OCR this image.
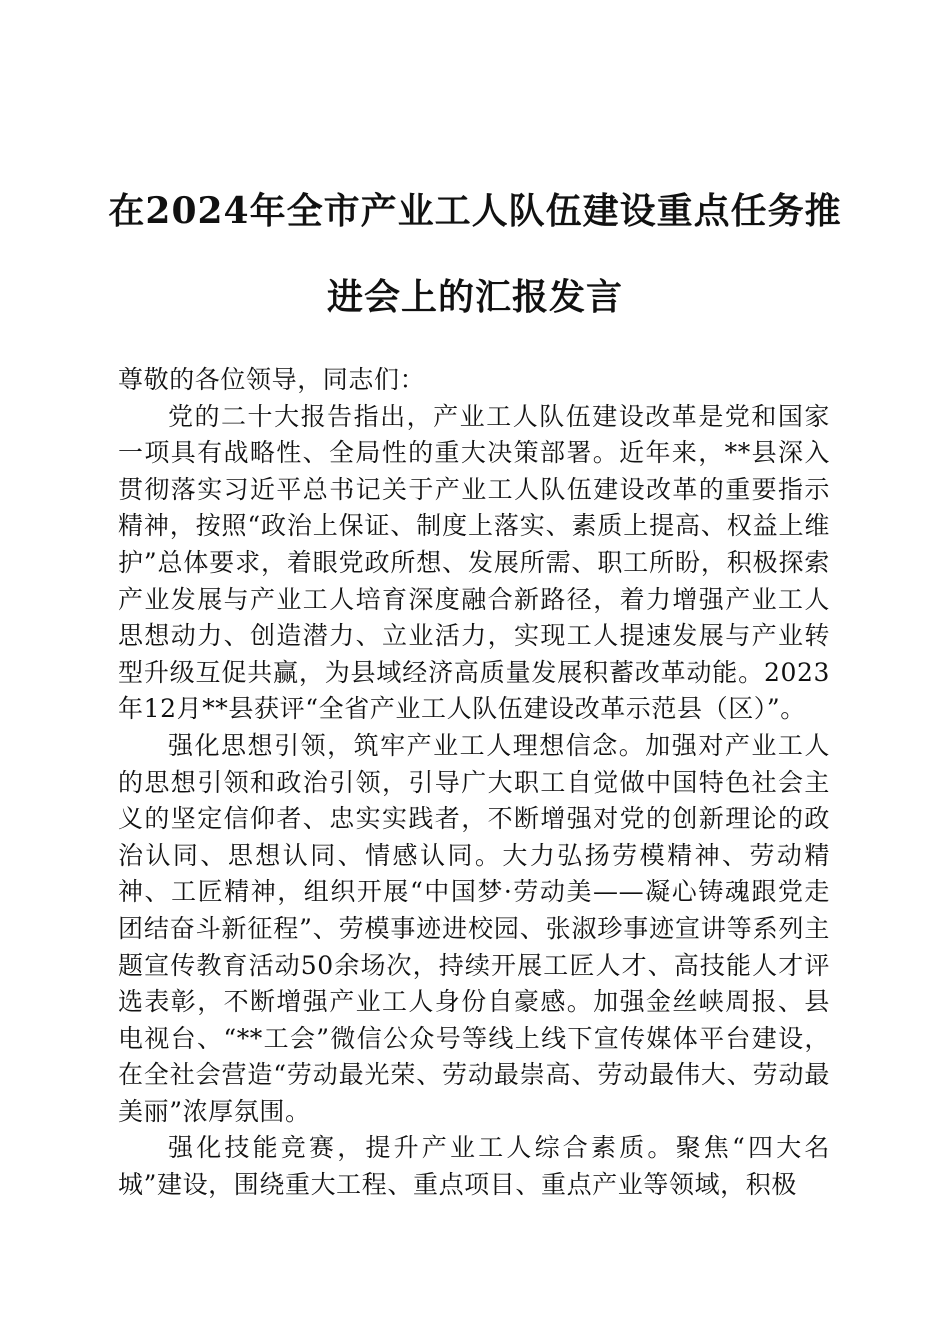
在2024年全市产业工人队伍建设重点任务推
进会上的汇报发言

尊敬的各位领导，同志们：

党的二十大报告指出，产业工人队伍建设改革是党和国家一项具有战略性、全局性的重大决策部署。近年来，**县深入贯彻落实习近平总书记关于产业工人队伍建设改革的重要指示精神，按照“政治上保证、制度上落实、素质上提高、权益上维护”总体要求，着眼党政所想、发展所需、职工所盼，积极探索产业发展与产业工人培育深度融合新路径，着力增强产业工人思想动力、创造潜力、立业活力，实现工人提速发展与产业转型升级互促共赢，为县域经济高质量发展积蓄改革动能。2023年12月**县获评“全省产业工人队伍建设改革示范县（区）”。

强化思想引领，筑牢产业工人理想信念。加强对产业工人的思想引领和政治引领，引导广大职工自觉做中国特色社会主义的坚定信仰者、忠实实践者，不断增强对党的创新理论的政治认同、思想认同、情感认同。大力弘扬劳模精神、劳动精神、工匠精神，组织开展“中国梦·劳动美——凝心铸魂跟党走团结奋斗新征程”、劳模事迹进校园、张淑珍事迹宣讲等系列主题宣传教育活动50余场次，持续开展工匠人才、高技能人才评选表彰，不断增强产业工人身份自豪感。加强金丝峡周报、县电视台、“**工会”微信公众号等线上线下宣传媒体平台建设，在全社会营造“劳动最光荣、劳动最崇高、劳动最伟大、劳动最美丽”浓厚氛围。

强化技能竞赛，提升产业工人综合素质。聚焦“四大名城”建设，围绕重大工程、重点项目、重点产业等领域，积极
